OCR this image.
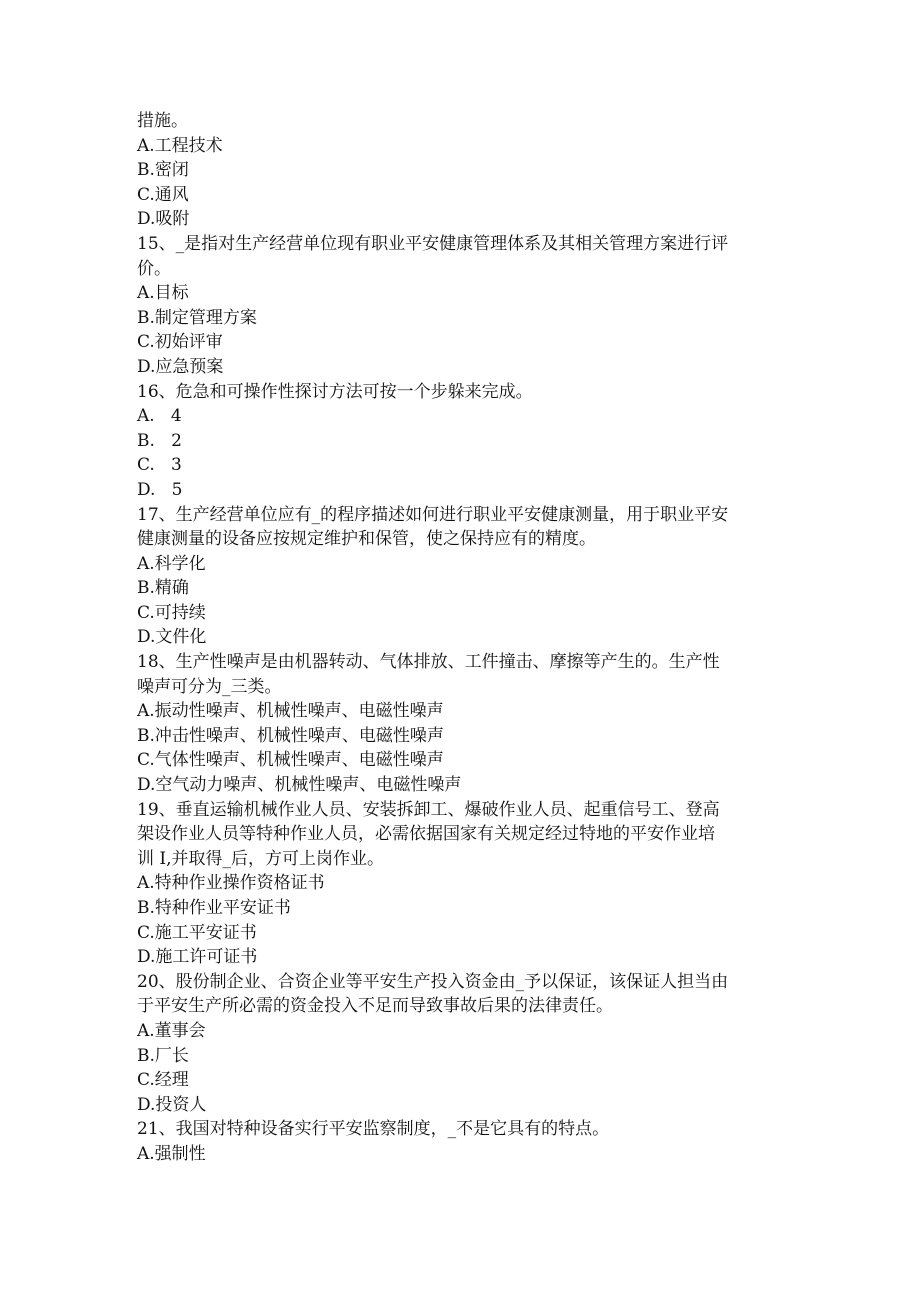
措施。
A.工程技术
B.密闭
C.通风
D.吸附
15、_是指对生产经营单位现有职业平安健康管理体系及其相关管理方案进行评
价。
A.目标
B.制定管理方案
C.初始评审
D.应急预案
16、危急和可操作性探讨方法可按一个步躲来完成。
A.   4
B.   2
C.   3
D.   5
17、生产经营单位应有_的程序描述如何进行职业平安健康测量，用于职业平安
健康测量的设备应按规定维护和保管，使之保持应有的精度。
A.科学化
B.精确
C.可持续
D.文件化
18、生产性噪声是由机器转动、气体排放、工件撞击、摩擦等产生的。生产性
噪声可分为_三类。
A.振动性噪声、机械性噪声、电磁性噪声
B.冲击性噪声、机械性噪声、电磁性噪声
C.气体性噪声、机械性噪声、电磁性噪声
D.空气动力噪声、机械性噪声、电磁性噪声
19、垂直运输机械作业人员、安装拆卸工、爆破作业人员、起重信号工、登高
架设作业人员等特种作业人员，必需依据国家有关规定经过特地的平安作业培
训 I,并取得_后，方可上岗作业。
A.特种作业操作资格证书
B.特种作业平安证书
C.施工平安证书
D.施工许可证书
20、股份制企业、合资企业等平安生产投入资金由_予以保证，该保证人担当由
于平安生产所必需的资金投入不足而导致事故后果的法律责任。
A.董事会
B.厂长
C.经理
D.投资人
21、我国对特种设备实行平安监察制度，_不是它具有的特点。
A.强制性
